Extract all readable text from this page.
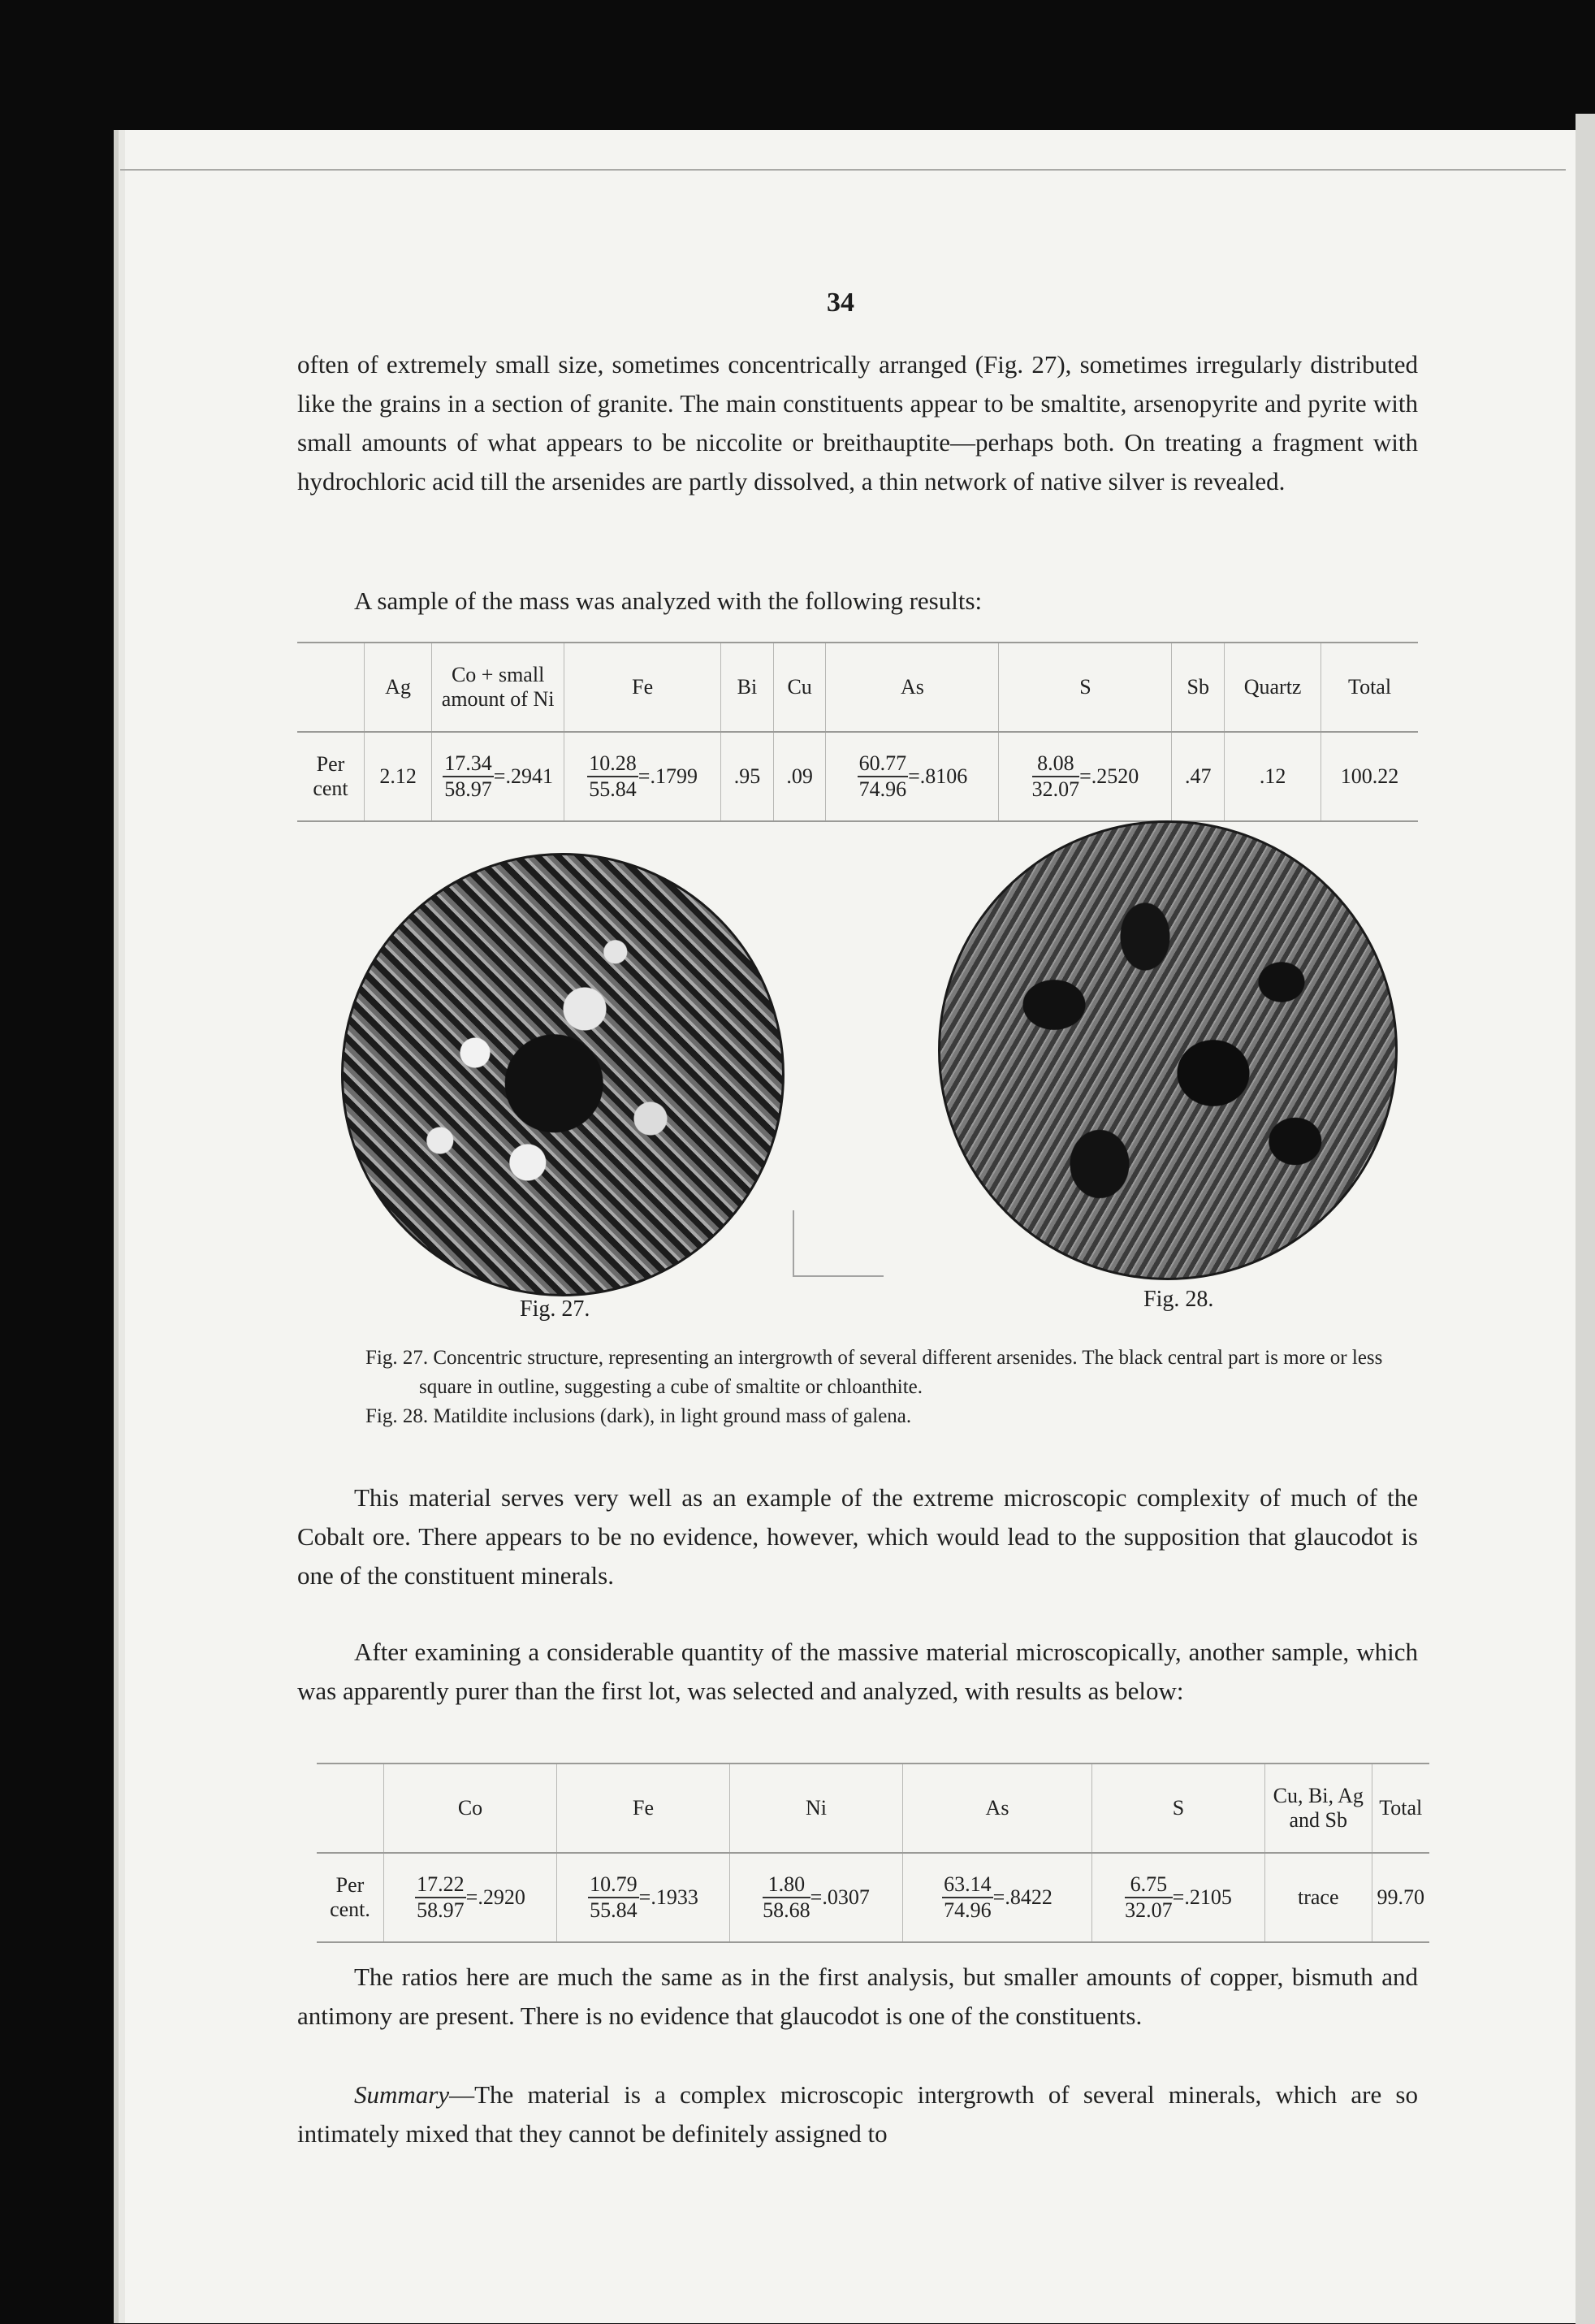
34
often of extremely small size, sometimes concentrically arranged (Fig. 27), sometimes irregularly distributed like the grains in a section of granite. The main constituents appear to be smaltite, arsenopyrite and pyrite with small amounts of what appears to be niccolite or breithauptite—perhaps both. On treating a fragment with hydrochloric acid till the arsenides are partly dissolved, a thin network of native silver is revealed.
A sample of the mass was analyzed with the following results:
	Ag	Co + small amount of Ni	Fe	Bi	Cu	As	S	Sb	Quartz	Total
Per cent	2.12	$\frac{17.34}{58.97} =.2941$	$\frac{10.28}{55.84} =.1799$	.95	.09	$\frac{60.77}{74.96} =.8106$	$\frac{8.08}{32.07} =.2520$	.47	.12	100.22
Fig. 27.	Fig. 28.

Fig. 27. Concentric structure, representing an intergrowth of several different arsenides. The black central part is more or less square in outline, suggesting a cube of smaltite or chloanthite.

Fig. 28. Matildite inclusions (dark), in light ground mass of galena.

This material serves very well as an example of the extreme microscopic complexity of much of the Cobalt ore. There appears to be no evidence, however, which would lead to the supposition that glaucodot is one of the constituent minerals.
After examining a considerable quantity of the massive material microscopically, another sample, which was apparently purer than the first lot, was selected and analyzed, with results as below:
	Co	Fe	Ni	As	S	Cu, Bi, Ag and Sb	Total
Per cent.	$\frac{17.22}{58.97} =.2920$	$\frac{10.79}{55.84} =.1933$	$\frac{1.80}{58.68} =.0307$	$\frac{63.14}{74.96} =.8422$	$\frac{6.75}{32.07} =.2105$	trace	99.70
The ratios here are much the same as in the first analysis, but smaller amounts of copper, bismuth and antimony are present. There is no evidence that glaucodot is one of the constituents.
Summary—The material is a complex microscopic intergrowth of several minerals, which are so intimately mixed that they cannot be definitely assigned to
